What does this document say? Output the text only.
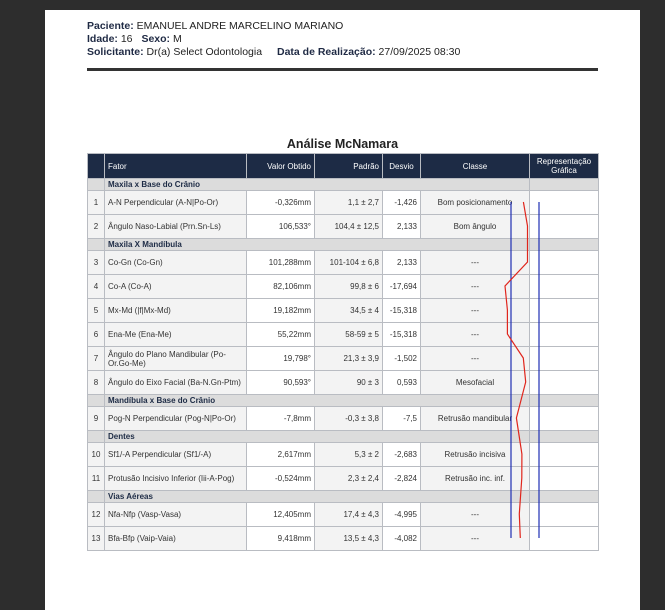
Paciente: EMANUEL ANDRE MARCELINO MARIANO
Idade: 16 Sexo: M
Solicitante: Dr(a) Select Odontologia Data de Realização: 27/09/2025 08:30
Análise McNamara
	Fator	Valor Obtido	Padrão	Desvio	Classe	Representação Gráfica
	Maxila x Base do Crânio					
1	A-N Perpendicular (A-N|Po-Or)	-0,326mm	1,1 ± 2,7	-1,426	Bom posicionamento	
2	Ângulo Naso-Labial (Prn.Sn-Ls)	106,533°	104,4 ± 12,5	2,133	Bom ângulo	
	Maxila X Mandíbula					
3	Co-Gn (Co-Gn)	101,288mm	101-104 ± 6,8	2,133	---	
4	Co-A (Co-A)	82,106mm	99,8 ± 6	-17,694	---	
5	Mx-Md (|f|Mx-Md)	19,182mm	34,5 ± 4	-15,318	---	
6	Ena-Me (Ena-Me)	55,22mm	58-59 ± 5	-15,318	---	
7	Ângulo do Plano Mandibular (Po-Or.Go-Me)	19,798°	21,3 ± 3,9	-1,502	---	
8	Ângulo do Eixo Facial (Ba-N.Gn-Ptm)	90,593°	90 ± 3	0,593	Mesofacial	
	Mandíbula x Base do Crânio					
9	Pog-N Perpendicular (Pog-N|Po-Or)	-7,8mm	-0,3 ± 3,8	-7,5	Retrusão mandibular	
	Dentes					
10	Sf1/-A Perpendicular (Sf1/-A)	2,617mm	5,3 ± 2	-2,683	Retrusão incisiva	
11	Protusão Incisivo Inferior (Iii-A-Pog)	-0,524mm	2,3 ± 2,4	-2,824	Retrusão inc. inf.	
	Vias Aéreas					
12	Nfa-Nfp (Vasp-Vasa)	12,405mm	17,4 ± 4,3	-4,995	---	
13	Bfa-Bfp (Vaip-Vaia)	9,418mm	13,5 ± 4,3	-4,082	---	
